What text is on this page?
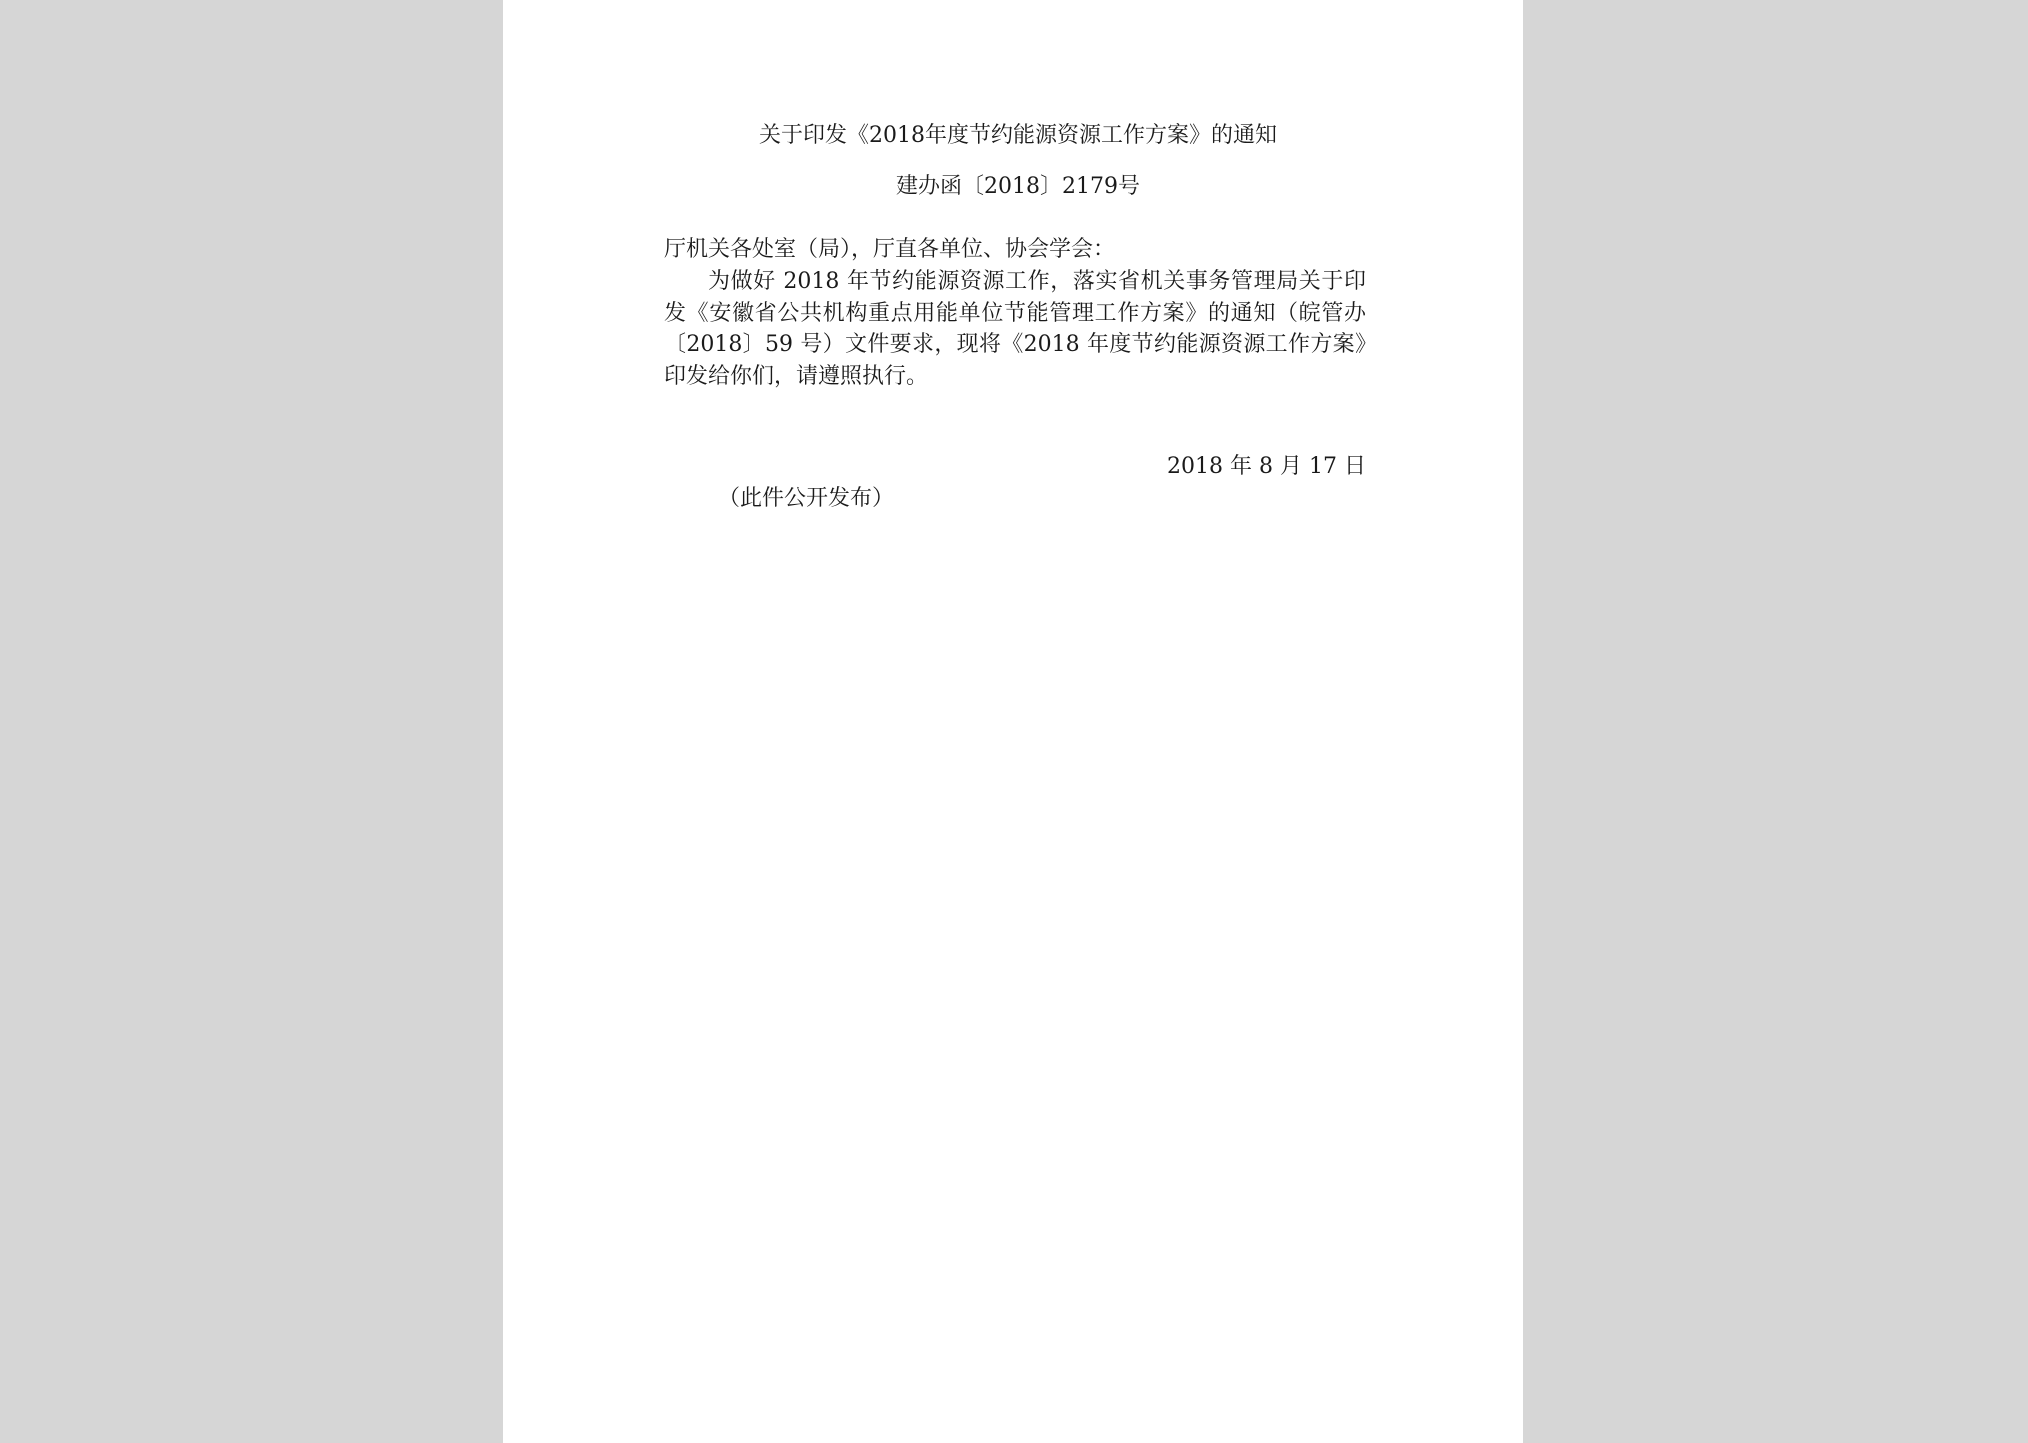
关于印发《2018年度节约能源资源工作方案》的通知
建办函〔2018〕2179号
厅机关各处室（局），厅直各单位、协会学会：
为做好 2018 年节约能源资源工作，落实省机关事务管理局关于印发《安徽省公共机构重点用能单位节能管理工作方案》的通知（皖管办〔2018〕59 号）文件要求，现将《2018 年度节约能源资源工作方案》印发给你们，请遵照执行。
2018 年 8 月 17 日
（此件公开发布）
